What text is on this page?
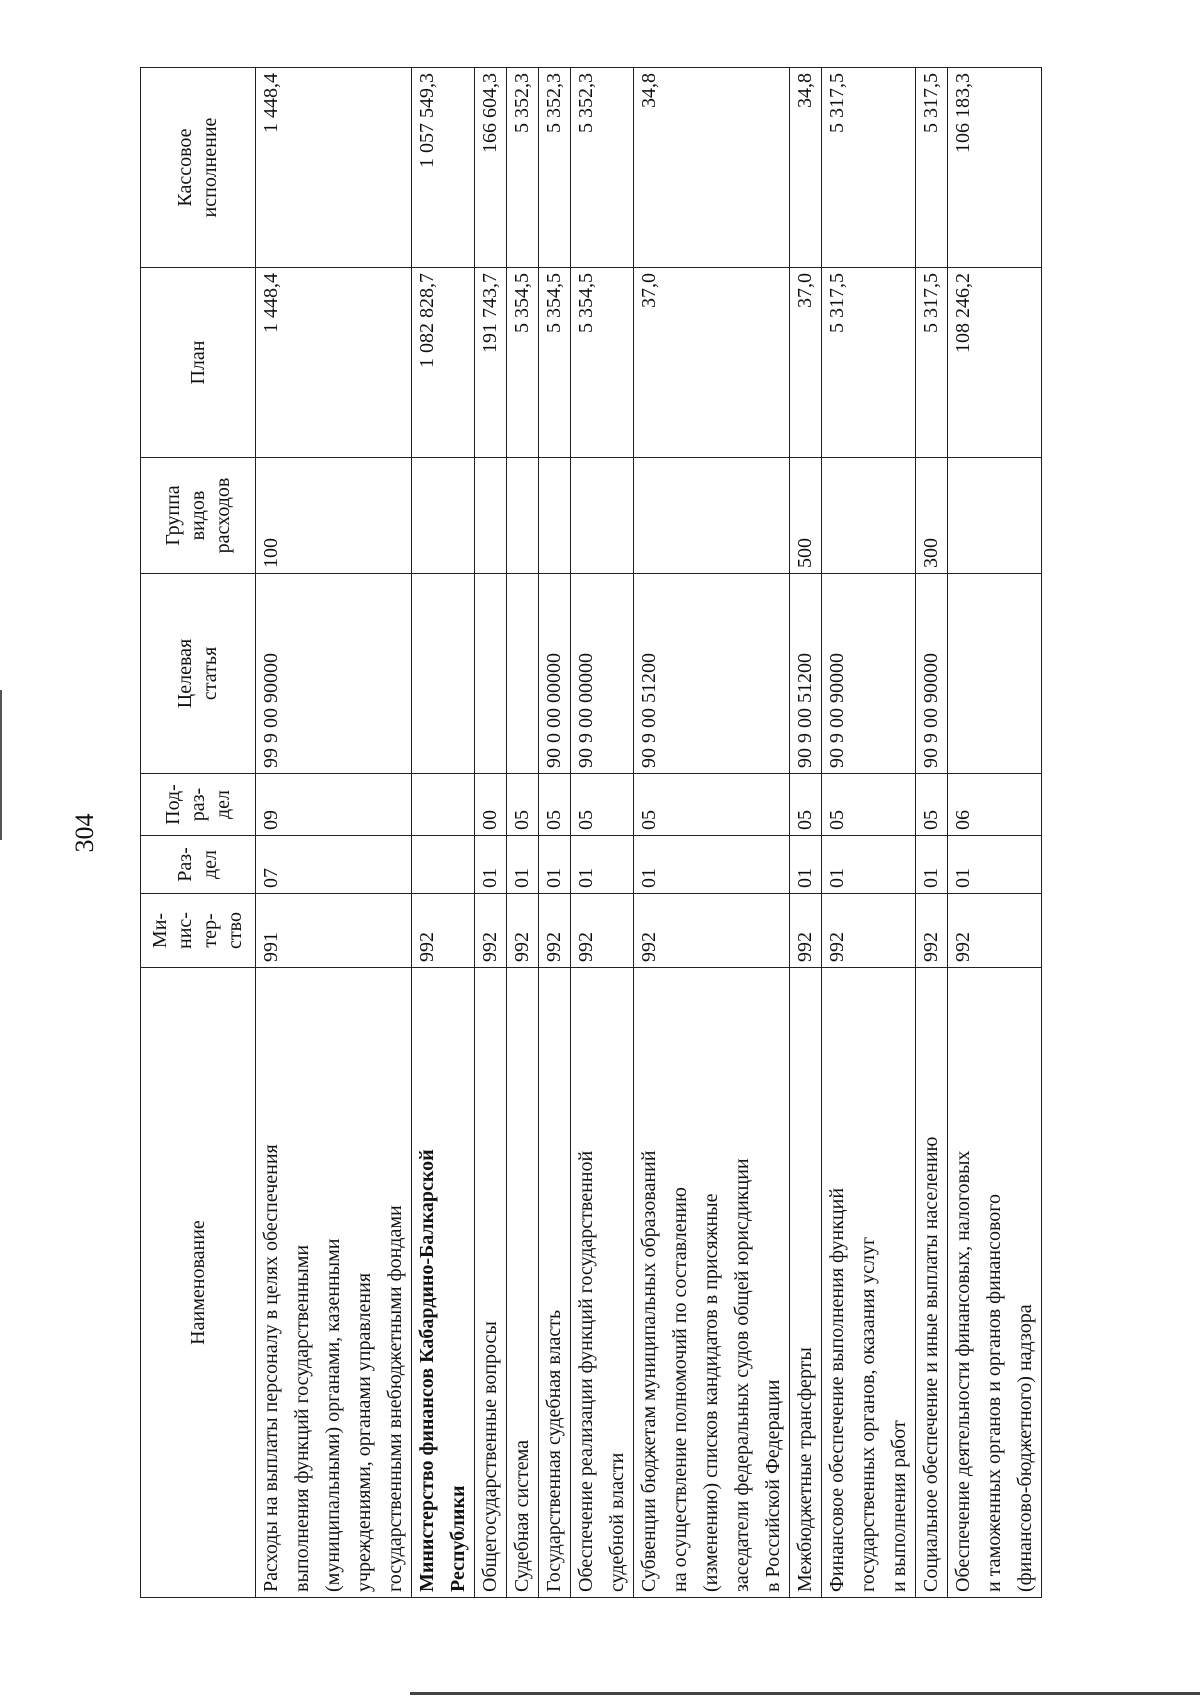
304
Наименование	Ми- нис- тер- ство	Раз- дел	Под- раз- дел	Целевая статья	Группа видов расходов	План	Кассовое исполнение
Расходы на выплаты персоналу в целях обеспечения выполнения функций государственными (муниципальными) органами, казенными учреждениями, органами управления государственными внебюджетными фондами	991	07	09	99 9 00 90000	100	1 448,4	1 448,4
Министерство финансов Кабардино-Балкарской Республики	992					1 082 828,7	1 057 549,3
Общегосударственные вопросы	992	01	00			191 743,7	166 604,3
Судебная система	992	01	05			5 354,5	5 352,3
Государственная судебная власть	992	01	05	90 0 00 00000		5 354,5	5 352,3
Обеспечение реализации функций государственной судебной власти	992	01	05	90 9 00 00000		5 354,5	5 352,3
Субвенции бюджетам муниципальных образований на осуществление полномочий по составлению (изменению) списков кандидатов в присяжные заседатели федеральных судов общей юрисдикции в Российской Федерации	992	01	05	90 9 00 51200		37,0	34,8
Межбюджетные трансферты	992	01	05	90 9 00 51200	500	37,0	34,8
Финансовое обеспечение выполнения функций государственных органов, оказания услуг и выполнения работ	992	01	05	90 9 00 90000		5 317,5	5 317,5
Социальное обеспечение и иные выплаты населению	992	01	05	90 9 00 90000	300	5 317,5	5 317,5
Обеспечение деятельности финансовых, налоговых и таможенных органов и органов финансового (финансово-бюджетного) надзора	992	01	06			108 246,2	106 183,3
